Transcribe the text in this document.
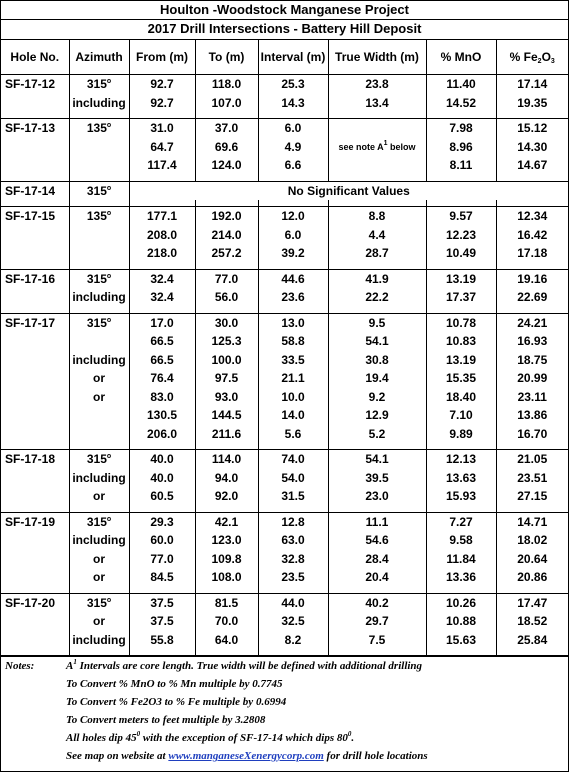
Houlton -Woodstock Manganese Project
2017 Drill Intersections - Battery Hill Deposit
Hole No.	Azimuth	From (m)	To (m)	Interval (m)	True Width (m)	% MnO	% $Fe_2O_3$
SF-17-12	315$^o$	92.7	118.0	25.3	23.8	11.40	17.14
	including	92.7	107.0	14.3	13.4	14.52	19.35

SF-17-13	135$^o$	31.0	37.0	6.0		7.98	15.12
		64.7	69.6	4.9	see note $A^1$ below	8.96	14.30
		117.4	124.0	6.6		8.11	14.67

SF-17-14	315$^o$	No Significant Values					

SF-17-15	135$^o$	177.1	192.0	12.0	8.8	9.57	12.34
		208.0	214.0	6.0	4.4	12.23	16.42
		218.0	257.2	39.2	28.7	10.49	17.18

SF-17-16	315$^o$	32.4	77.0	44.6	41.9	13.19	19.16
	including	32.4	56.0	23.6	22.2	17.37	22.69

SF-17-17	315$^o$	17.0	30.0	13.0	9.5	10.78	24.21
		66.5	125.3	58.8	54.1	10.83	16.93
	including	66.5	100.0	33.5	30.8	13.19	18.75
	or	76.4	97.5	21.1	19.4	15.35	20.99
	or	83.0	93.0	10.0	9.2	18.40	23.11
		130.5	144.5	14.0	12.9	7.10	13.86
		206.0	211.6	5.6	5.2	9.89	16.70

SF-17-18	315$^o$	40.0	114.0	74.0	54.1	12.13	21.05
	including	40.0	94.0	54.0	39.5	13.63	23.51
	or	60.5	92.0	31.5	23.0	15.93	27.15

SF-17-19	315$^o$	29.3	42.1	12.8	11.1	7.27	14.71
	including	60.0	123.0	63.0	54.6	9.58	18.02
	or	77.0	109.8	32.8	28.4	11.84	20.64
	or	84.5	108.0	23.5	20.4	13.36	20.86

SF-17-20	315$^o$	37.5	81.5	44.0	40.2	10.26	17.47
	or	37.5	70.0	32.5	29.7	10.88	18.52
	including	55.8	64.0	8.2	7.5	15.63	25.84

Notes:	$A^1$ Intervals are core length. True width will be defined with additional drilling
To Convert % MnO to % Mn multiple by 0.7745
To Convert % Fe2O3 to % Fe multiple by 0.6994
To Convert meters to feet multiple by 3.2808
All holes dip $45^0$ with the exception of SF-17-14 which dips $80^0$.
See map on website at www.manganeseXenergycorp.com for drill hole locations
